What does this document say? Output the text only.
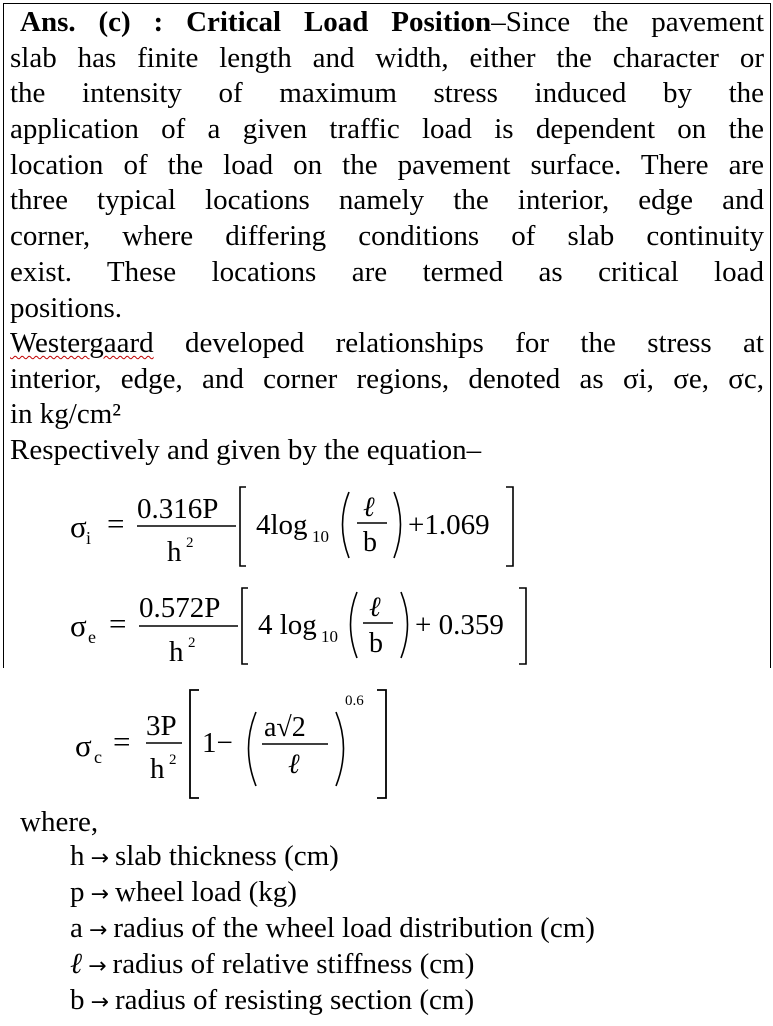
Ans. (c) : Critical Load Position–Since the pavement
slab has finite length and width, either the character or
the intensity of maximum stress induced by the
application of a given traffic load is dependent on the
location of the load on the pavement surface. There are
three typical locations namely the interior, edge and
corner, where differing conditions of slab continuity
exist. These locations are termed as critical load
positions.
Westergaard developed relationships for the stress at
interior, edge, and corner regions, denoted as σi, σe, σc,
in kg/cm²
Respectively and given by the equation–
σ i = 0.316P
h 2
4log 10
ℓ
b
+1.069
σ e = 0.572P
h 2
4 log 10
ℓ
b
+ 0.359
σ c = 3P
h 2
1− a√2
ℓ
0.6
where,
h → slab thickness (cm)
p → wheel load (kg)
a → radius of the wheel load distribution (cm)
ℓ → radius of relative stiffness (cm)
b → radius of resisting section (cm)
